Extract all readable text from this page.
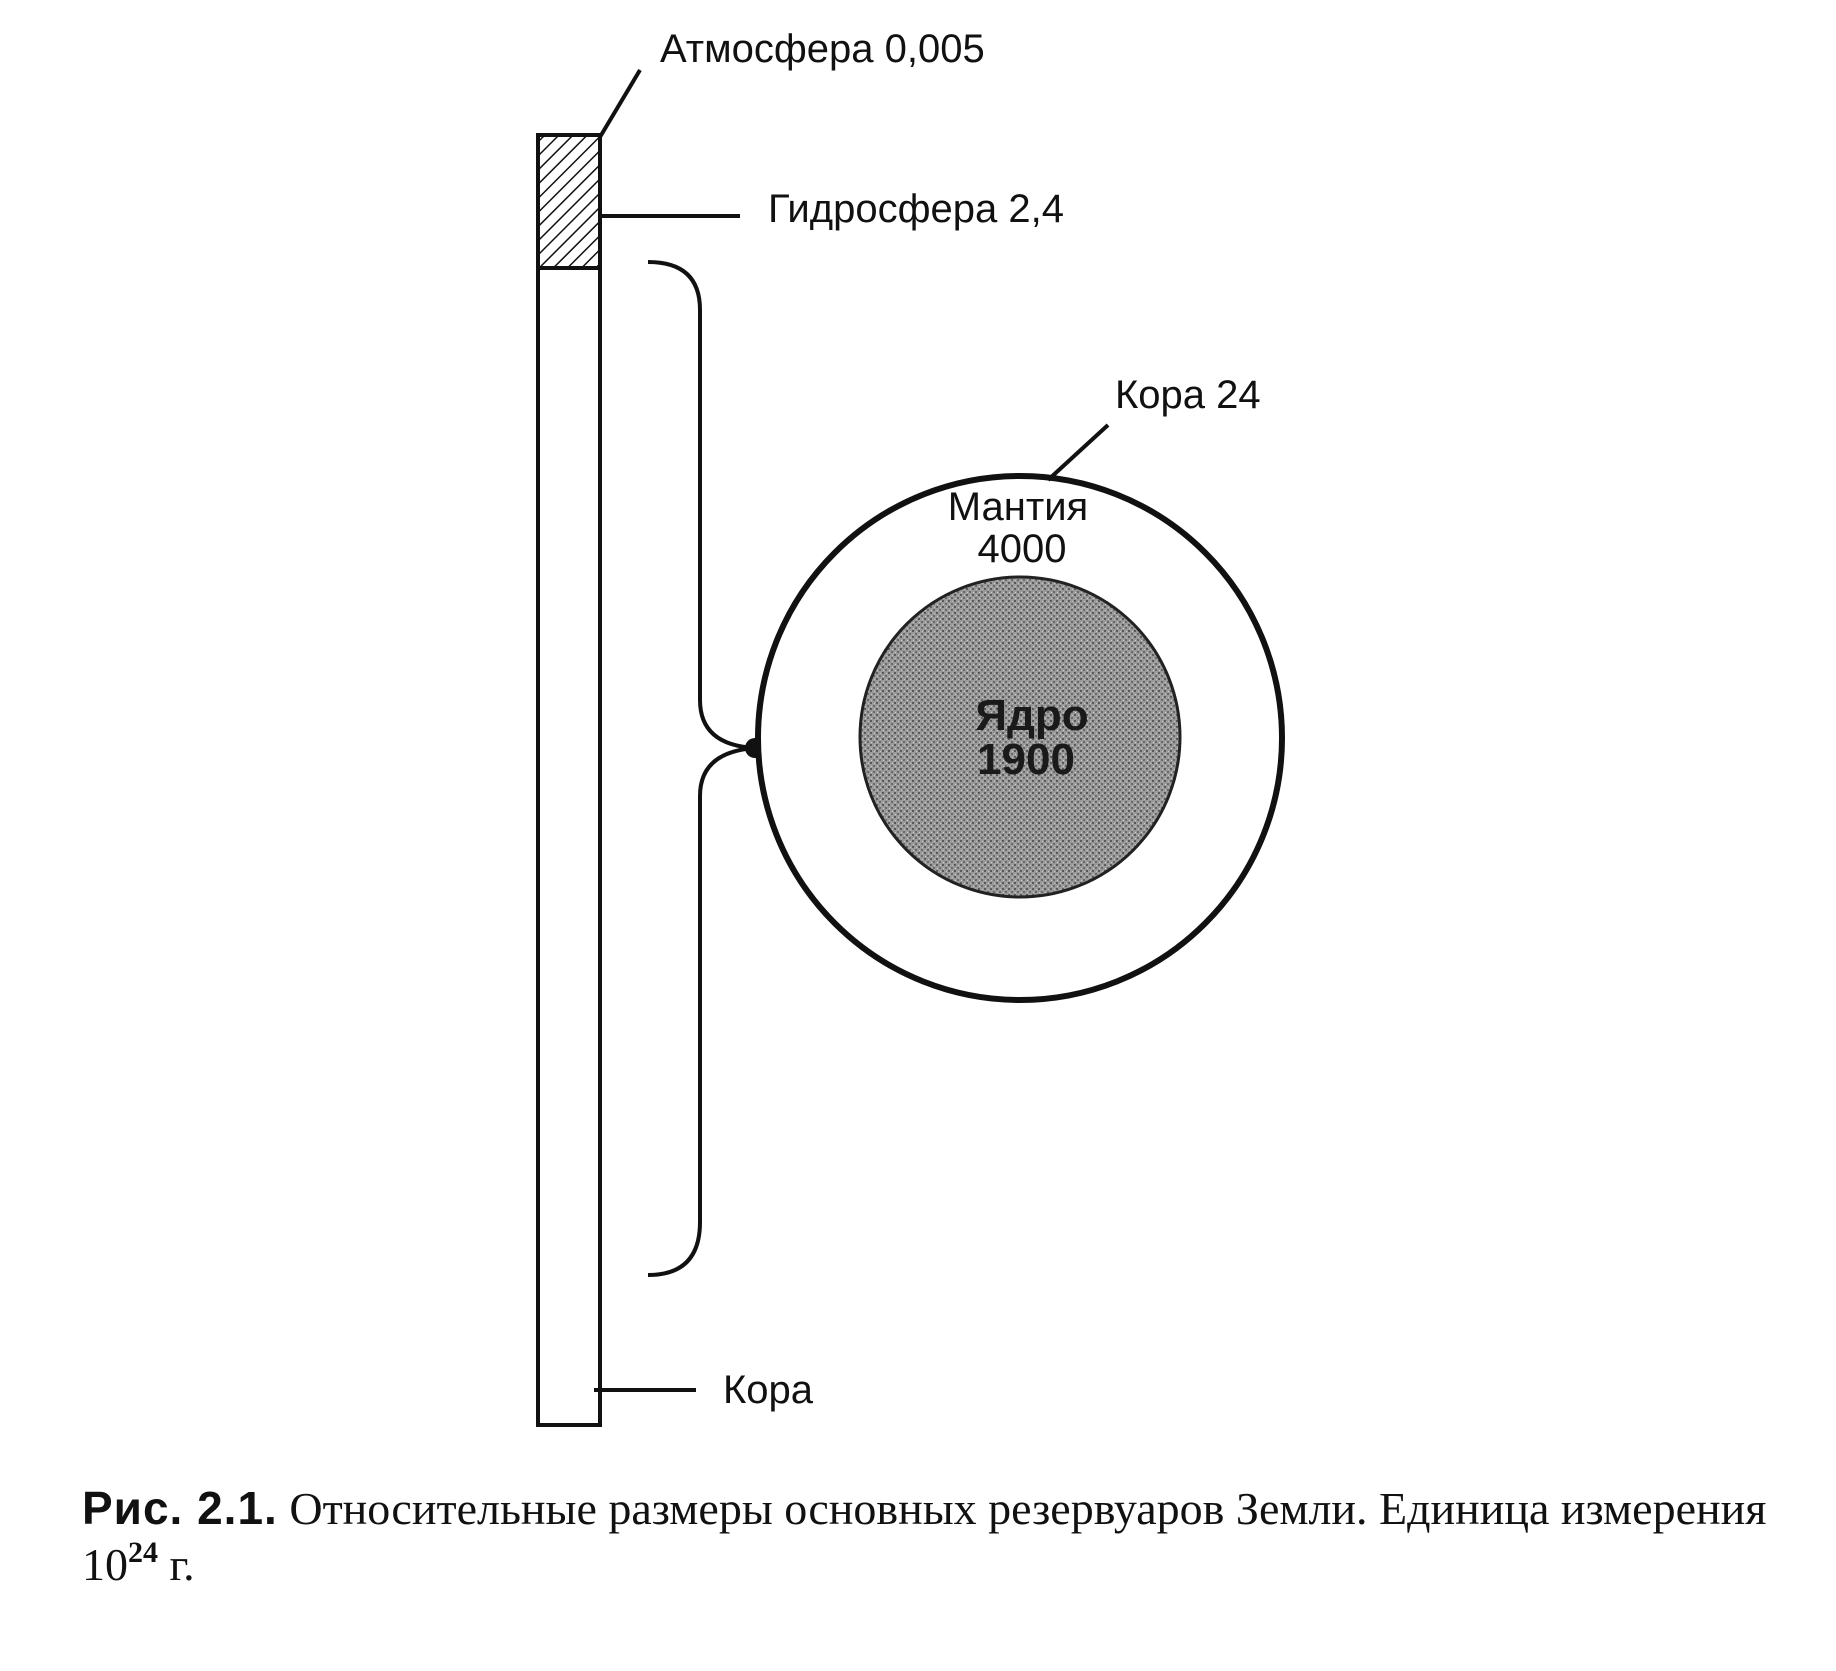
Атмосфера 0,005
Гидросфера 2,4
Кора 24
Мантия
4000
Ядро
1900
Кора
Рис. 2.1. Относительные размеры основных резервуаров Земли. Единица измерения $10^{24}$ г.
